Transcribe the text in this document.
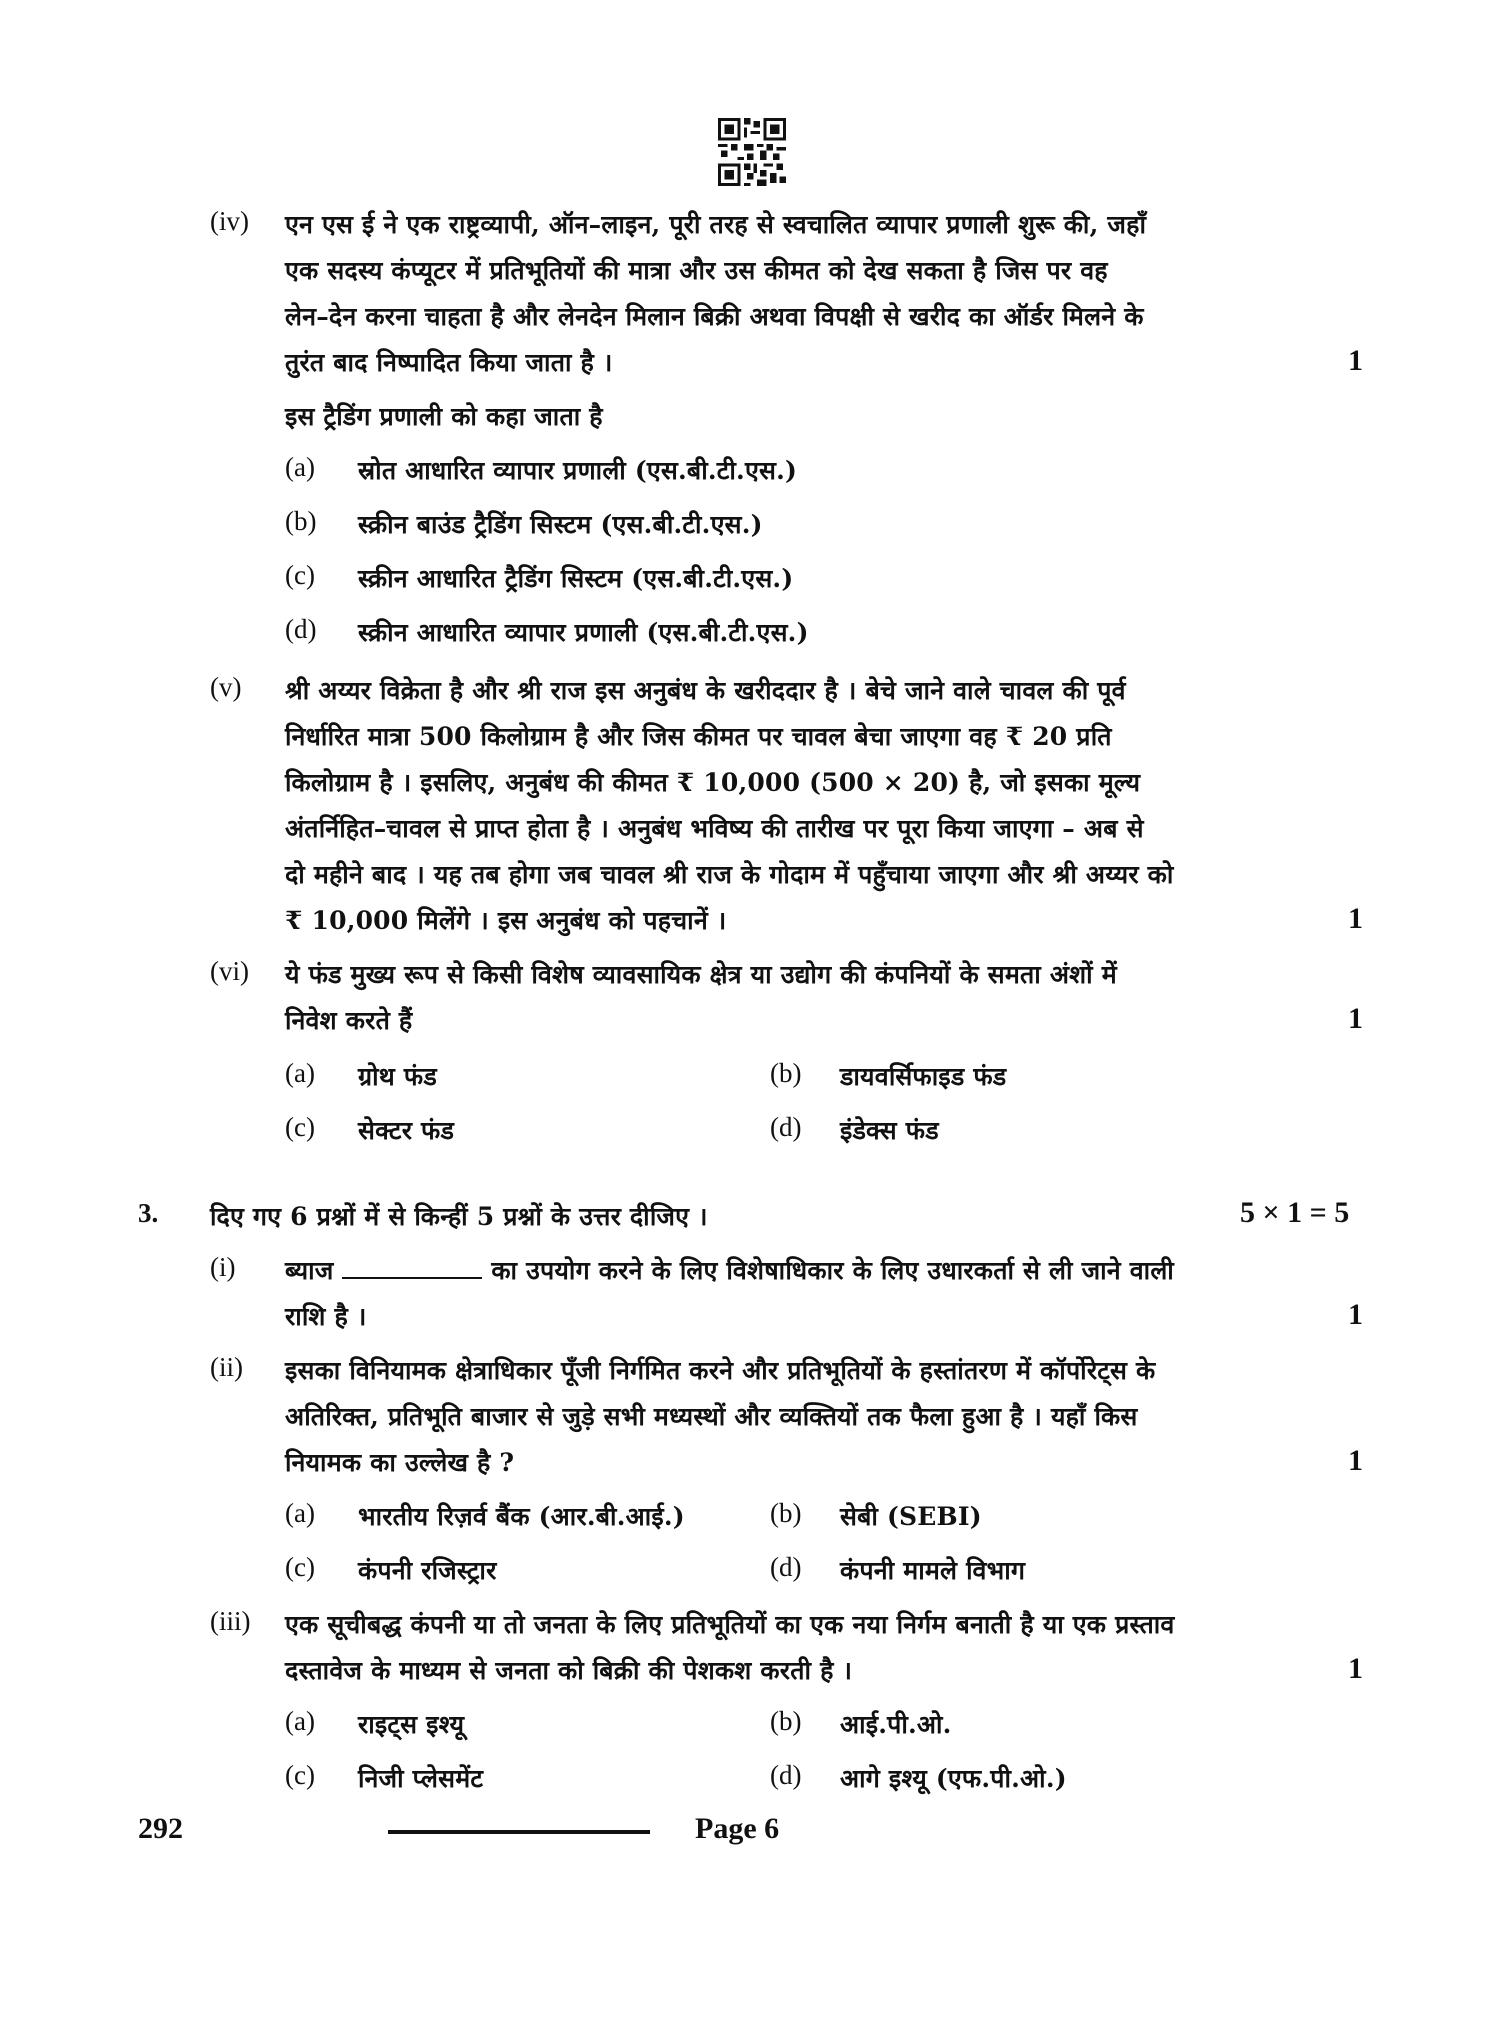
(iv) एन एस ई ने एक राष्ट्रव्यापी, ऑन–लाइन, पूरी तरह से स्वचालित व्यापार प्रणाली शुरू की, जहाँ
एक सदस्य कंप्यूटर में प्रतिभूतियों की मात्रा और उस कीमत को देख सकता है जिस पर वह
लेन–देन करना चाहता है और लेनदेन मिलान बिक्री अथवा विपक्षी से खरीद का ऑर्डर मिलने के
तुरंत बाद निष्पादित किया जाता है ।	1
इस ट्रैडिंग प्रणाली को कहा जाता है
(a) स्रोत आधारित व्यापार प्रणाली (एस.बी.टी.एस.)
(b) स्क्रीन बाउंड ट्रैडिंग सिस्टम (एस.बी.टी.एस.)
(c) स्क्रीन आधारित ट्रैडिंग सिस्टम (एस.बी.टी.एस.)
(d) स्क्रीन आधारित व्यापार प्रणाली (एस.बी.टी.एस.)
(v) श्री अय्यर विक्रेता है और श्री राज इस अनुबंध के खरीददार है । बेचे जाने वाले चावल की पूर्व
निर्धारित मात्रा 500 किलोग्राम है और जिस कीमत पर चावल बेचा जाएगा वह ₹ 20 प्रति
किलोग्राम है । इसलिए, अनुबंध की कीमत ₹ 10,000 (500 × 20) है, जो इसका मूल्य
अंतर्निहित–चावल से प्राप्त होता है । अनुबंध भविष्य की तारीख पर पूरा किया जाएगा – अब से
दो महीने बाद । यह तब होगा जब चावल श्री राज के गोदाम में पहुँचाया जाएगा और श्री अय्यर को
₹ 10,000 मिलेंगे । इस अनुबंध को पहचानें ।	1
(vi) ये फंड मुख्य रूप से किसी विशेष व्यावसायिक क्षेत्र या उद्योग की कंपनियों के समता अंशों में
निवेश करते हैं	1
(a) ग्रोथ फंड	(b) डायवर्सिफाइड फंड
(c) सेक्टर फंड	(d) इंडेक्स फंड
3. दिए गए 6 प्रश्नों में से किन्हीं 5 प्रश्नों के उत्तर दीजिए ।	5 × 1 = 5
(i) ब्याज	का उपयोग करने के लिए विशेषाधिकार के लिए उधारकर्ता से ली जाने वाली
राशि है ।	1
(ii) इसका विनियामक क्षेत्राधिकार पूँजी निर्गमित करने और प्रतिभूतियों के हस्तांतरण में कॉर्पोरेट्स के
अतिरिक्त, प्रतिभूति बाजार से जुड़े सभी मध्यस्थों और व्यक्तियों तक फैला हुआ है । यहाँ किस
नियामक का उल्लेख है ?	1
(a) भारतीय रिज़र्व बैंक (आर.बी.आई.)	(b) सेबी (SEBI)
(c) कंपनी रजिस्ट्रार	(d) कंपनी मामले विभाग
(iii) एक सूचीबद्ध कंपनी या तो जनता के लिए प्रतिभूतियों का एक नया निर्गम बनाती है या एक प्रस्ताव
दस्तावेज के माध्यम से जनता को बिक्री की पेशकश करती है ।	1
(a) राइट्स इश्यू	(b) आई.पी.ओ.
(c) निजी प्लेसमेंट	(d) आगे इश्यू (एफ.पी.ओ.)
292	Page 6
